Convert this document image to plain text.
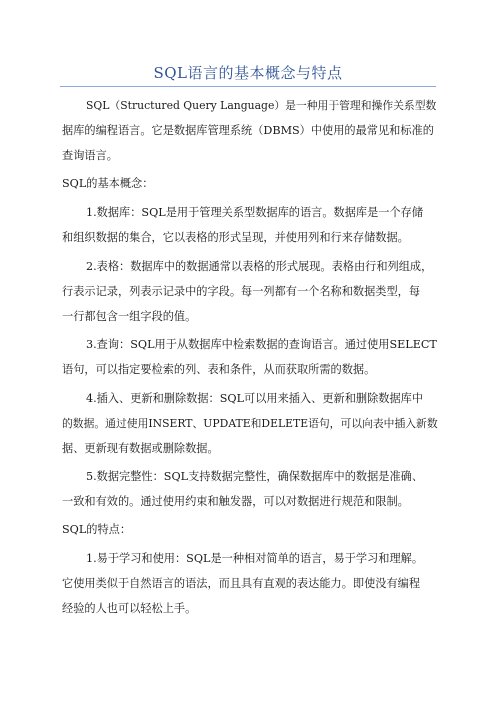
SQL语言的基本概念与特点
SQL（Structured Query Language）是一种用于管理和操作关系型数
据库的编程语言。它是数据库管理系统（DBMS）中使用的最常见和标准的
查询语言。
SQL的基本概念：
1.数据库：SQL是用于管理关系型数据库的语言。数据库是一个存储
和组织数据的集合，它以表格的形式呈现，并使用列和行来存储数据。
2.表格：数据库中的数据通常以表格的形式展现。表格由行和列组成，
行表示记录，列表示记录中的字段。每一列都有一个名称和数据类型，每
一行都包含一组字段的值。
3.查询：SQL用于从数据库中检索数据的查询语言。通过使用SELECT
语句，可以指定要检索的列、表和条件，从而获取所需的数据。
4.插入、更新和删除数据：SQL可以用来插入、更新和删除数据库中
的数据。通过使用INSERT、UPDATE和DELETE语句，可以向表中插入新数
据、更新现有数据或删除数据。
5.数据完整性：SQL支持数据完整性，确保数据库中的数据是准确、
一致和有效的。通过使用约束和触发器，可以对数据进行规范和限制。
SQL的特点：
1.易于学习和使用：SQL是一种相对简单的语言，易于学习和理解。
它使用类似于自然语言的语法，而且具有直观的表达能力。即使没有编程
经验的人也可以轻松上手。
